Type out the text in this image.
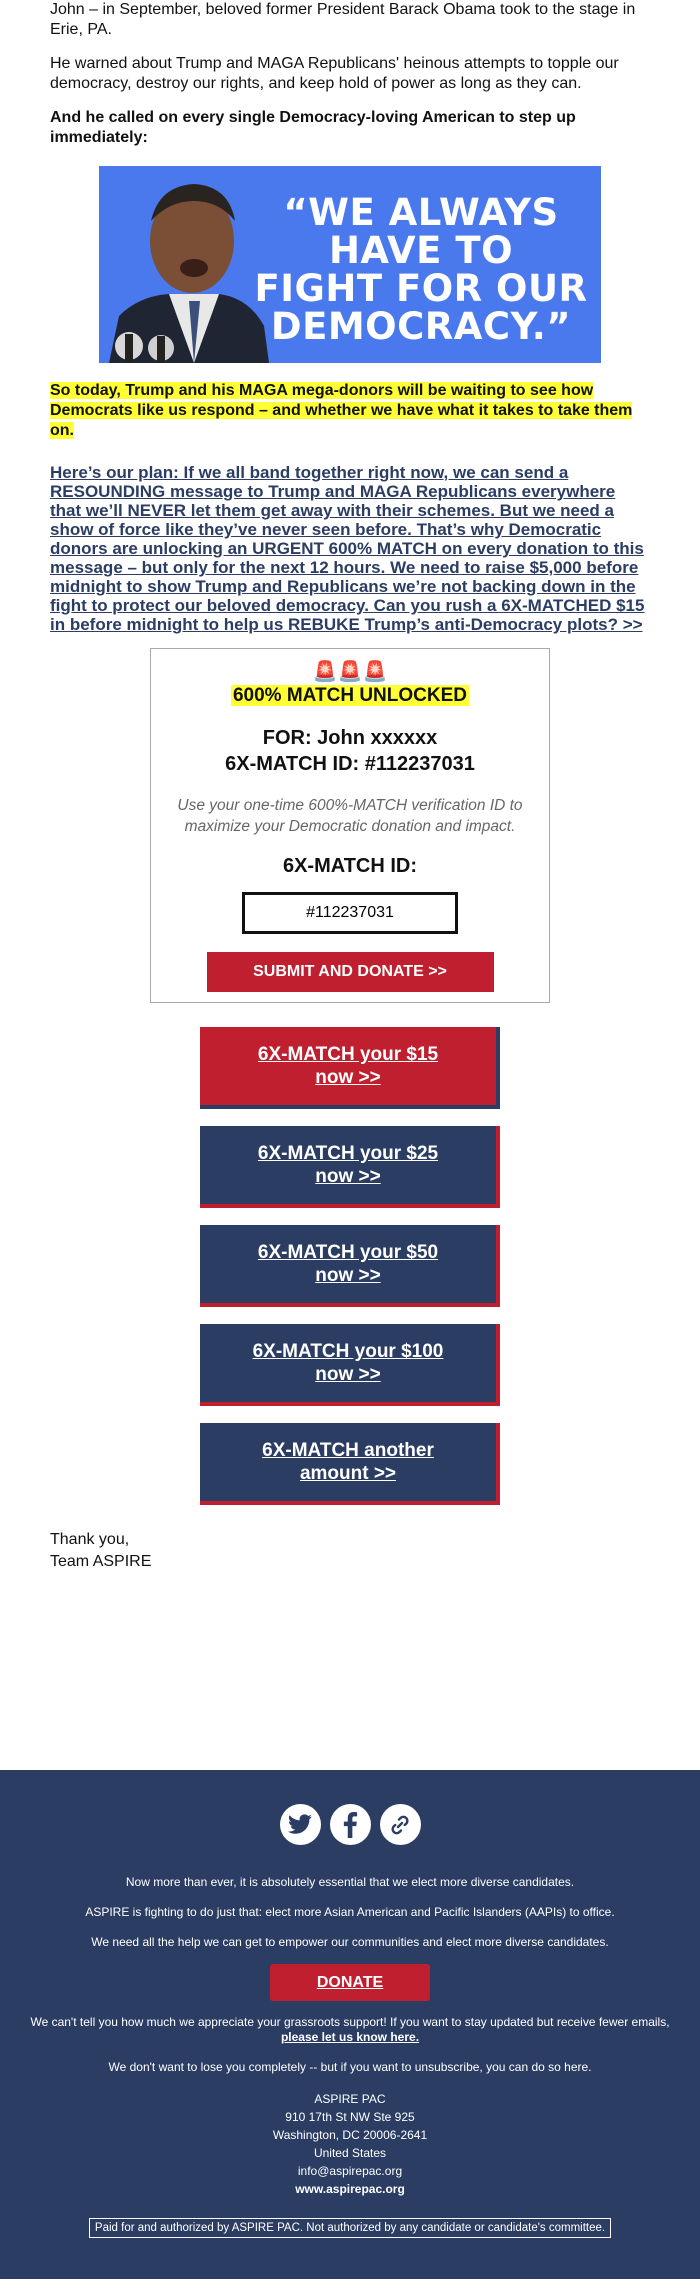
John – in September, beloved former President Barack Obama took to the stage in Erie, PA.

He warned about Trump and MAGA Republicans' heinous attempts to topple our democracy, destroy our rights, and keep hold of power as long as they can.

And he called on every single Democracy-loving American to step up immediately:

“WE ALWAYS
HAVE TO
FIGHT FOR OUR
DEMOCRACY.”
So today, Trump and his MAGA mega-donors will be waiting to see how Democrats like us respond – and whether we have what it takes to take them on.
Here’s our plan: If we all band together right now, we can send a RESOUNDING message to Trump and MAGA Republicans everywhere that we’ll NEVER let them get away with their schemes. But we need a show of force like they’ve never seen before. That’s why Democratic donors are unlocking an URGENT 600% MATCH on every donation to this message – but only for the next 12 hours. We need to raise $5,000 before midnight to show Trump and Republicans we’re not backing down in the fight to protect our beloved democracy. Can you rush a 6X-MATCHED $15 in before midnight to help us REBUKE Trump’s anti-Democracy plots? >>
🚨🚨🚨
600% MATCH UNLOCKED
FOR: John xxxxxx
6X-MATCH ID: #112237031
Use your one-time 600%-MATCH verification ID to maximize your Democratic donation and impact.
6X-MATCH ID:
#112237031
SUBMIT AND DONATE >>
6X-MATCH your $15
now >>
6X-MATCH your $25
now >>
6X-MATCH your $50
now >>
6X-MATCH your $100
now >>
6X-MATCH another
amount >>
Thank you,
Team ASPIRE
Now more than ever, it is absolutely essential that we elect more diverse candidates.
ASPIRE is fighting to do just that: elect more Asian American and Pacific Islanders (AAPIs) to office.
We need all the help we can get to empower our communities and elect more diverse candidates.
DONATE
We can't tell you how much we appreciate your grassroots support! If you want to stay updated but receive fewer emails,
please let us know here.
We don't want to lose you completely -- but if you want to unsubscribe, you can do so here.
ASPIRE PAC
910 17th St NW Ste 925
Washington, DC 20006-2641
United States
info@aspirepac.org
www.aspirepac.org
Paid for and authorized by ASPIRE PAC. Not authorized by any candidate or candidate's committee.
